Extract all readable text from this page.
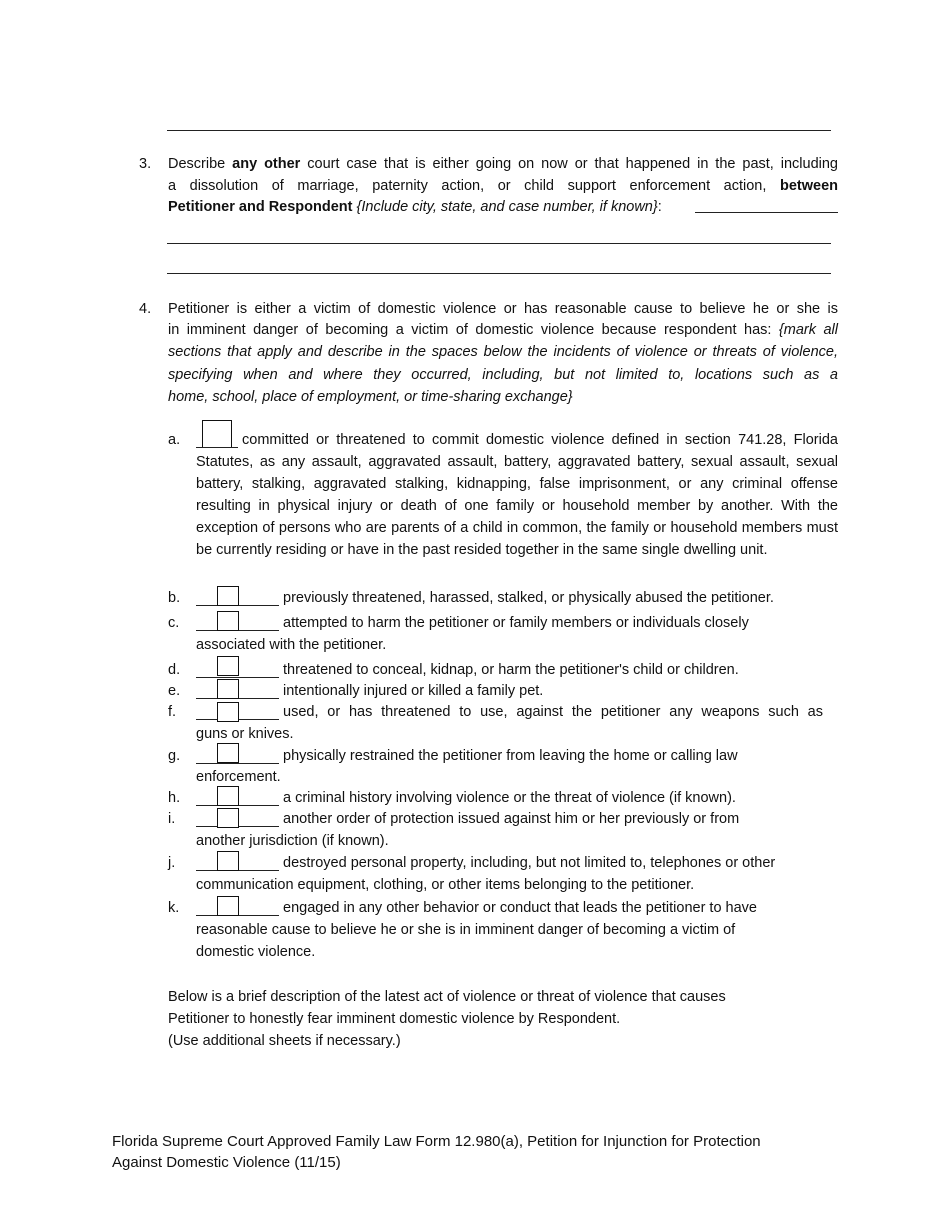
3. Describe any other court case that is either going on now or that happened in the past, including
a dissolution of marriage, paternity action, or child support enforcement action, between
Petitioner and Respondent {Include city, state, and case number, if known}:
4. Petitioner is either a victim of domestic violence or has reasonable cause to believe he or she is
in imminent danger of becoming a victim of domestic violence because respondent has: {mark all
sections that apply and describe in the spaces below the incidents of violence or threats of violence,
specifying when and where they occurred, including, but not limited to, locations such as a
home, school, place of employment, or time-sharing exchange}
a.	committed or threatened to commit domestic violence defined in section 741.28, Florida Statutes, as any assault, aggravated assault, battery, aggravated battery, sexual assault, sexual battery, stalking, aggravated stalking, kidnapping, false imprisonment, or any criminal offense resulting in physical injury or death of one family or household member by another. With the exception of persons who are parents of a child in common, the family or household members must be currently residing or have in the past resided together in the same single dwelling unit.
b.	previously threatened, harassed, stalked, or physically abused the petitioner.
c.	attempted to harm the petitioner or family members or individuals closely
associated with the petitioner.
d.	threatened to conceal, kidnap, or harm the petitioner's child or children.
e.	intentionally injured or killed a family pet.
f.	used, or has threatened to use, against the petitioner any weapons such as
guns or knives.
g.	physically restrained the petitioner from leaving the home or calling law
enforcement.
h.	a criminal history involving violence or the threat of violence (if known).
i.	another order of protection issued against him or her previously or from
another jurisdiction (if known).
j.	destroyed personal property, including, but not limited to, telephones or other
communication equipment, clothing, or other items belonging to the petitioner.
k.	engaged in any other behavior or conduct that leads the petitioner to have
reasonable cause to believe he or she is in imminent danger of becoming a victim of
domestic violence.
Below is a brief description of the latest act of violence or threat of violence that causes
Petitioner to honestly fear imminent domestic violence by Respondent.
(Use additional sheets if necessary.)
Florida Supreme Court Approved Family Law Form 12.980(a), Petition for Injunction for Protection
Against Domestic Violence (11/15)
